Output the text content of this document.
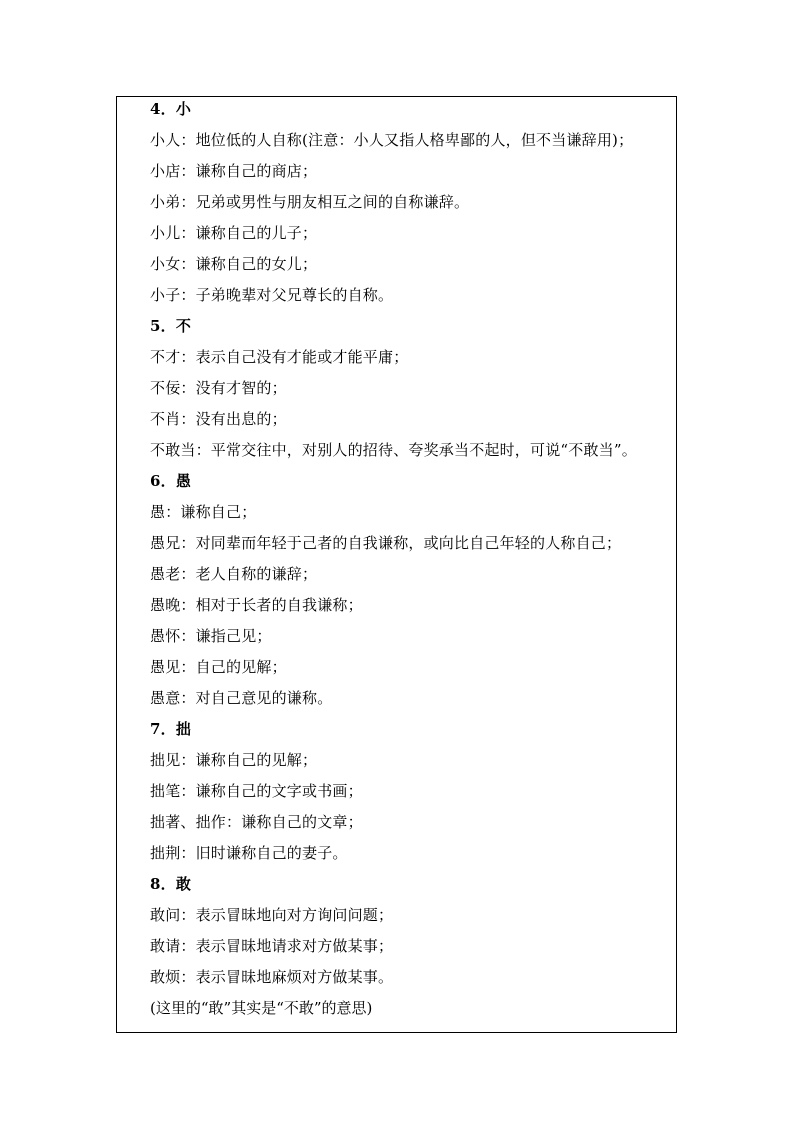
4．小
小人：地位低的人自称(注意：小人又指人格卑鄙的人，但不当谦辞用)；
小店：谦称自己的商店；
小弟：兄弟或男性与朋友相互之间的自称谦辞。
小儿：谦称自己的儿子；
小女：谦称自己的女儿；
小子：子弟晚辈对父兄尊长的自称。
5．不
不才：表示自己没有才能或才能平庸；
不佞：没有才智的；
不肖：没有出息的；
不敢当：平常交往中，对别人的招待、夸奖承当不起时，可说“不敢当”。
6．愚
愚：谦称自己；
愚兄：对同辈而年轻于己者的自我谦称，或向比自己年轻的人称自己；
愚老：老人自称的谦辞；
愚晚：相对于长者的自我谦称；
愚怀：谦指己见；
愚见：自己的见解；
愚意：对自己意见的谦称。
7．拙
拙见：谦称自己的见解；
拙笔：谦称自己的文字或书画；
拙著、拙作：谦称自己的文章；
拙荆：旧时谦称自己的妻子。
8．敢
敢问：表示冒昧地向对方询问问题；
敢请：表示冒昧地请求对方做某事；
敢烦：表示冒昧地麻烦对方做某事。
(这里的“敢”其实是“不敢”的意思)
